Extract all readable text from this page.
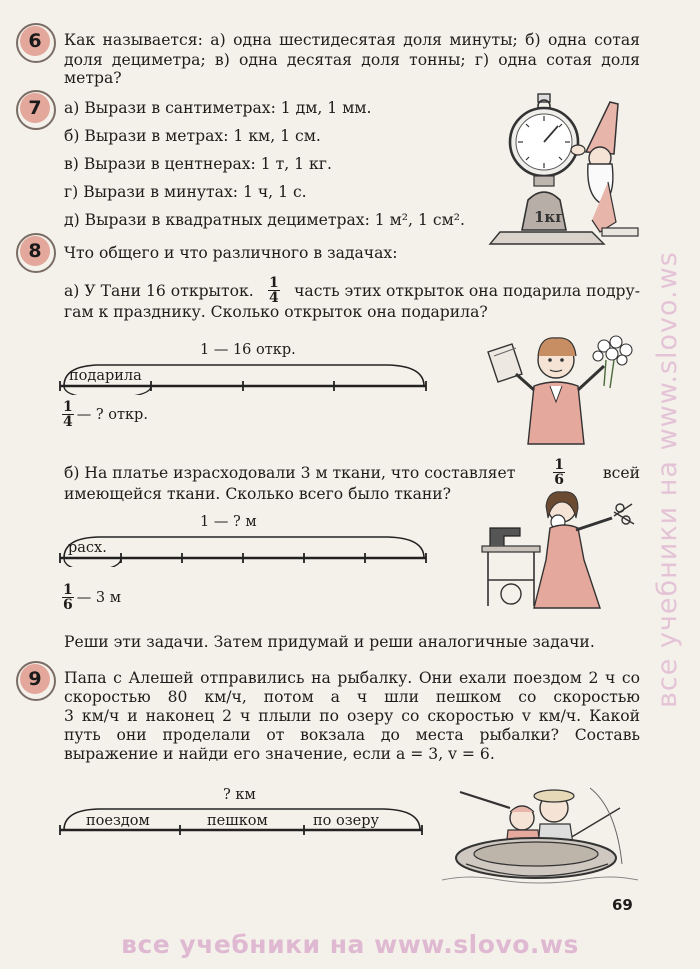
6	Как называется: а) одна шестидесятая доля минуты; б) одна сотая
доля дециметра; в) одна десятая доля тонны; г) одна сотая доля
метра?
7	а) Вырази в сантиметрах: 1 дм, 1 мм.
б) Вырази в метрах: 1 км, 1 см.
в) Вырази в центнерах: 1 т, 1 кг.
г) Вырази в минутах: 1 ч, 1 с.
д) Вырази в квадратных дециметрах: 1 м², 1 см².	1кг
8	Что общего и что различного в задачах:
а) У Тани 16 открыток. $\frac{1}{4}$ часть этих открыток она подарила подру-
гам к празднику. Сколько открыток она подарила?
1 — 16 откр.
подарила
$\frac{1}{4}$ — ? откр.
б) На платье израсходовали 3 м ткани, что составляет	$\frac{1}{6}$ всей
имеющейся ткани. Сколько всего было ткани?
1 — ? м
расх.
$\frac{1}{6}$ — 3 м
Реши эти задачи. Затем придумай и реши аналогичные задачи.
9	Папа с Алешей отправились на рыбалку. Они ехали поездом 2 ч со
скоростью 80 км/ч, потом a ч шли пешком со скоростью
3 км/ч и наконец 2 ч плыли по озеру со скоростью v км/ч. Какой
путь они проделали от вокзала до места рыбалки? Составь
выражение и найди его значение, если a = 3, v = 6.
? км
поездом	пешком	по озеру
69
все учебники на www.slovo.ws
все учебники на www.slovo.ws
